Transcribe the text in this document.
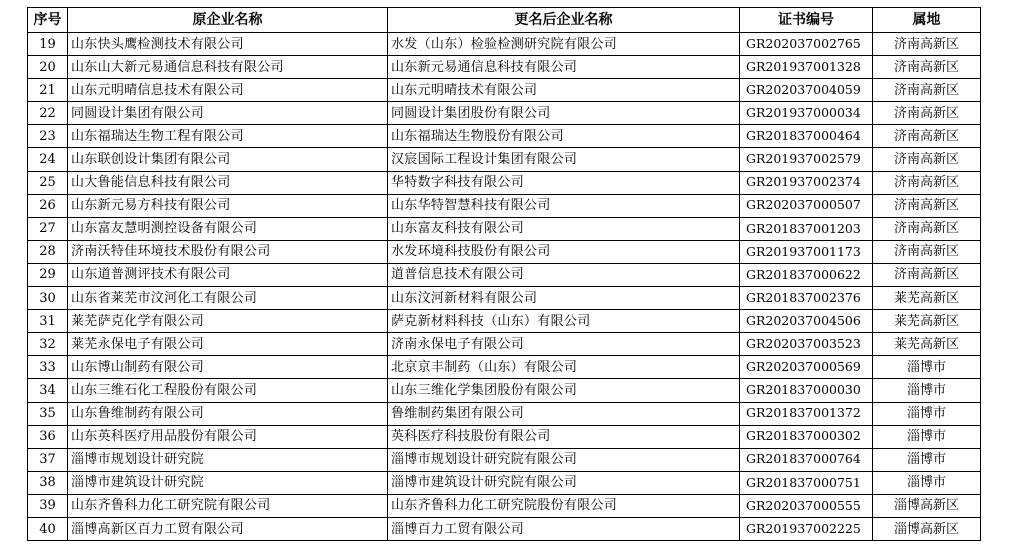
序号	原企业名称	更名后企业名称	证书编号	属地
19	山东快头鹰检测技术有限公司	水发（山东）检验检测研究院有限公司	GR202037002765	济南高新区
20	山东山大新元易通信息科技有限公司	山东新元易通信息科技有限公司	GR201937001328	济南高新区
21	山东元明晴信息技术有限公司	山东元明晴技术有限公司	GR202037004059	济南高新区
22	同圆设计集团有限公司	同圆设计集团股份有限公司	GR201937000034	济南高新区
23	山东福瑞达生物工程有限公司	山东福瑞达生物股份有限公司	GR201837000464	济南高新区
24	山东联创设计集团有限公司	汉宸国际工程设计集团有限公司	GR201937002579	济南高新区
25	山大鲁能信息科技有限公司	华特数字科技有限公司	GR201937002374	济南高新区
26	山东新元易方科技有限公司	山东华特智慧科技有限公司	GR202037000507	济南高新区
27	山东富友慧明测控设备有限公司	山东富友科技有限公司	GR201837001203	济南高新区
28	济南沃特佳环境技术股份有限公司	水发环境科技股份有限公司	GR201937001173	济南高新区
29	山东道普测评技术有限公司	道普信息技术有限公司	GR201837000622	济南高新区
30	山东省莱芜市汶河化工有限公司	山东汶河新材料有限公司	GR201837002376	莱芜高新区
31	莱芜萨克化学有限公司	萨克新材料科技（山东）有限公司	GR202037004506	莱芜高新区
32	莱芜永保电子有限公司	济南永保电子有限公司	GR202037003523	莱芜高新区
33	山东博山制药有限公司	北京京丰制药（山东）有限公司	GR202037000569	淄博市
34	山东三维石化工程股份有限公司	山东三维化学集团股份有限公司	GR201837000030	淄博市
35	山东鲁维制药有限公司	鲁维制药集团有限公司	GR201837001372	淄博市
36	山东英科医疗用品股份有限公司	英科医疗科技股份有限公司	GR201837000302	淄博市
37	淄博市规划设计研究院	淄博市规划设计研究院有限公司	GR201837000764	淄博市
38	淄博市建筑设计研究院	淄博市建筑设计研究院有限公司	GR201837000751	淄博市
39	山东齐鲁科力化工研究院有限公司	山东齐鲁科力化工研究院股份有限公司	GR202037000555	淄博高新区
40	淄博高新区百力工贸有限公司	淄博百力工贸有限公司	GR201937002225	淄博高新区
